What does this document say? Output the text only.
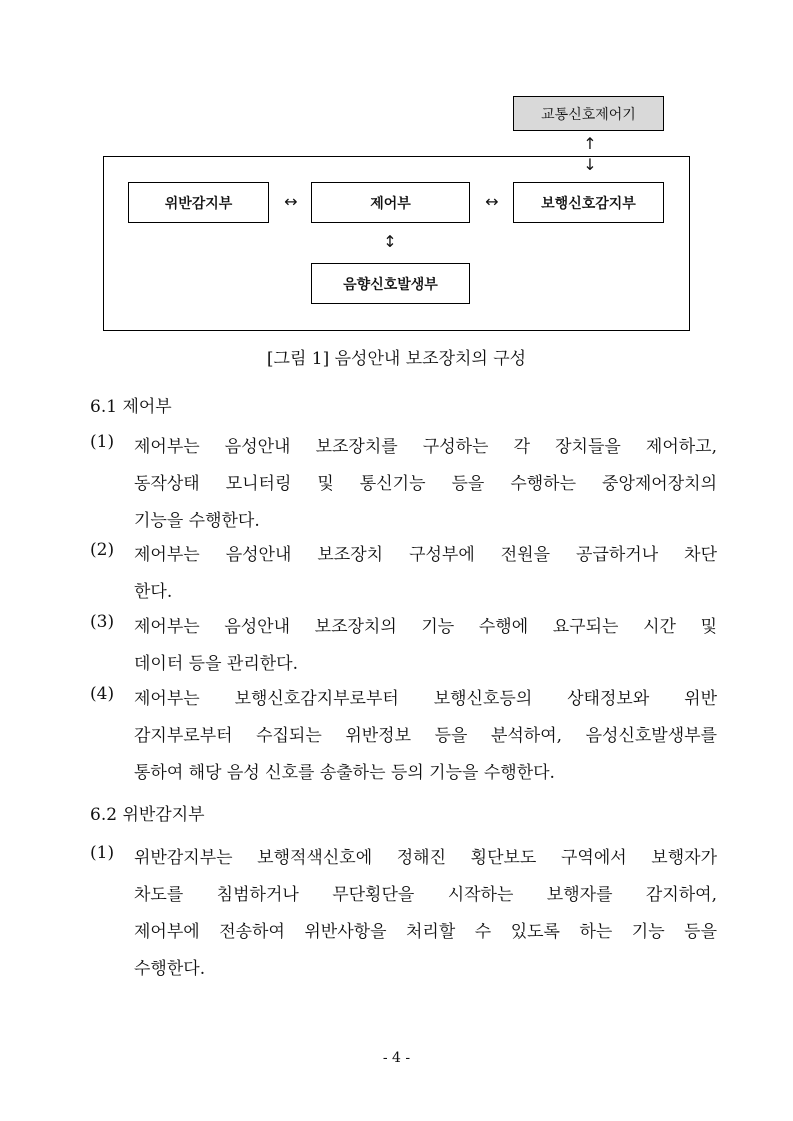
교통신호제어기
↑
↓
위반감지부	↔	제어부	↔	보행신호감지부
↕
음향신호발생부
[그림 1] 음성안내 보조장치의 구성
6.1 제어부
(1) 제어부는 음성안내 보조장치를 구성하는 각 장치들을 제어하고,
동작상태 모니터링 및 통신기능 등을 수행하는 중앙제어장치의
기능을 수행한다.
(2) 제어부는 음성안내 보조장치 구성부에 전원을 공급하거나 차단
한다.
(3) 제어부는 음성안내 보조장치의 기능 수행에 요구되는 시간 및
데이터 등을 관리한다.
(4) 제어부는 보행신호감지부로부터 보행신호등의 상태정보와 위반
감지부로부터 수집되는 위반정보 등을 분석하여, 음성신호발생부를
통하여 해당 음성 신호를 송출하는 등의 기능을 수행한다.
6.2 위반감지부
(1) 위반감지부는 보행적색신호에 정해진 횡단보도 구역에서 보행자가
차도를 침범하거나 무단횡단을 시작하는 보행자를 감지하여,
제어부에 전송하여 위반사항을 처리할 수 있도록 하는 기능 등을
수행한다.
- 4 -
